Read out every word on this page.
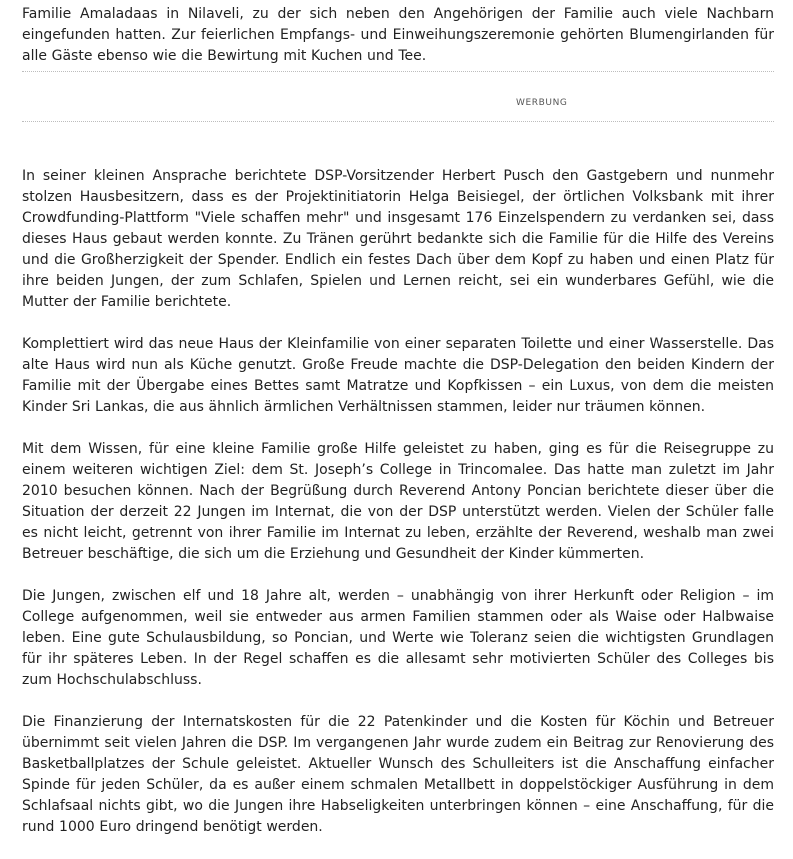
Familie Amaladaas in Nilaveli, zu der sich neben den Angehörigen der Familie auch viele Nachbarn eingefunden hatten. Zur feierlichen Empfangs- und Einweihungszeremonie gehörten Blumengirlanden für alle Gäste ebenso wie die Bewirtung mit Kuchen und Tee.

WERBUNG

In seiner kleinen Ansprache berichtete DSP-Vorsitzender Herbert Pusch den Gastgebern und nunmehr stolzen Hausbesitzern, dass es der Projektinitiatorin Helga Beisiegel, der örtlichen Volksbank mit ihrer Crowdfunding-Plattform "Viele schaffen mehr" und insgesamt 176 Einzelspendern zu verdanken sei, dass dieses Haus gebaut werden konnte. Zu Tränen gerührt bedankte sich die Familie für die Hilfe des Vereins und die Großherzigkeit der Spender. Endlich ein festes Dach über dem Kopf zu haben und einen Platz für ihre beiden Jungen, der zum Schlafen, Spielen und Lernen reicht, sei ein wunderbares Gefühl, wie die Mutter der Familie berichtete.

Komplettiert wird das neue Haus der Kleinfamilie von einer separaten Toilette und einer Wasserstelle. Das alte Haus wird nun als Küche genutzt. Große Freude machte die DSP-Delegation den beiden Kindern der Familie mit der Übergabe eines Bettes samt Matratze und Kopfkissen – ein Luxus, von dem die meisten Kinder Sri Lankas, die aus ähnlich ärmlichen Verhältnissen stammen, leider nur träumen können.

Mit dem Wissen, für eine kleine Familie große Hilfe geleistet zu haben, ging es für die Reisegruppe zu einem weiteren wichtigen Ziel: dem St. Joseph’s College in Trincomalee. Das hatte man zuletzt im Jahr 2010 besuchen können. Nach der Begrüßung durch Reverend Antony Poncian berichtete dieser über die Situation der derzeit 22 Jungen im Internat, die von der DSP unterstützt werden. Vielen der Schüler falle es nicht leicht, getrennt von ihrer Familie im Internat zu leben, erzählte der Reverend, weshalb man zwei Betreuer beschäftige, die sich um die Erziehung und Gesundheit der Kinder kümmerten.

Die Jungen, zwischen elf und 18 Jahre alt, werden – unabhängig von ihrer Herkunft oder Religion – im College aufgenommen, weil sie entweder aus armen Familien stammen oder als Waise oder Halbwaise leben. Eine gute Schulausbildung, so Poncian, und Werte wie Toleranz seien die wichtigsten Grundlagen für ihr späteres Leben. In der Regel schaffen es die allesamt sehr motivierten Schüler des Colleges bis zum Hochschulabschluss.

Die Finanzierung der Internatskosten für die 22 Patenkinder und die Kosten für Köchin und Betreuer übernimmt seit vielen Jahren die DSP. Im vergangenen Jahr wurde zudem ein Beitrag zur Renovierung des Basketballplatzes der Schule geleistet. Aktueller Wunsch des Schulleiters ist die Anschaffung einfacher Spinde für jeden Schüler, da es außer einem schmalen Metallbett in doppelstöckiger Ausführung in dem Schlafsaal nichts gibt, wo die Jungen ihre Habseligkeiten unterbringen können – eine Anschaffung, für die rund 1000 Euro dringend benötigt werden.
